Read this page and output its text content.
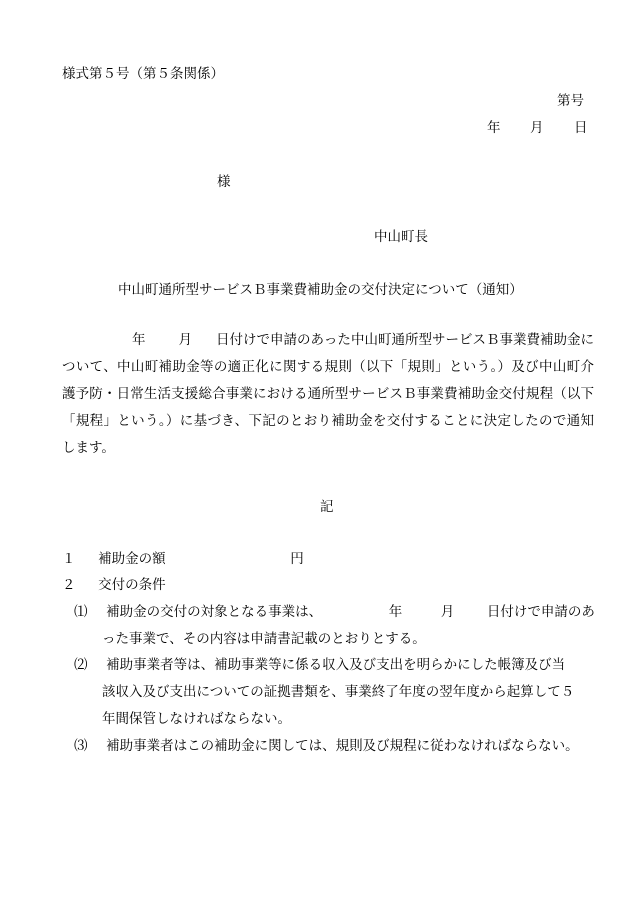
様式第５号（第５条関係）
第号
年 月 日
様
中山町長
中山町通所型サービスＢ事業費補助金の交付決定について（通知）
年 月 日付けで申請のあった中山町通所型サービスＢ事業費補助金について、中山町補助金等の適正化に関する規則（以下「規則」という。）及び中山町介護予防・日常生活支援総合事業における通所型サービスＢ事業費補助金交付規程（以下「規程」という。）に基づき、下記のとおり補助金を交付することに決定したので通知します。
記
１ 補助金の額	円
２ 交付の条件
⑴ 補助金の交付の対象となる事業は、	年	月 日付けで申請のあ
った事業で、その内容は申請書記載のとおりとする。
⑵ 補助事業者等は、補助事業等に係る収入及び支出を明らかにした帳簿及び当
該収入及び支出についての証拠書類を、事業終了年度の翌年度から起算して５
年間保管しなければならない。
⑶ 補助事業者はこの補助金に関しては、規則及び規程に従わなければならない。
